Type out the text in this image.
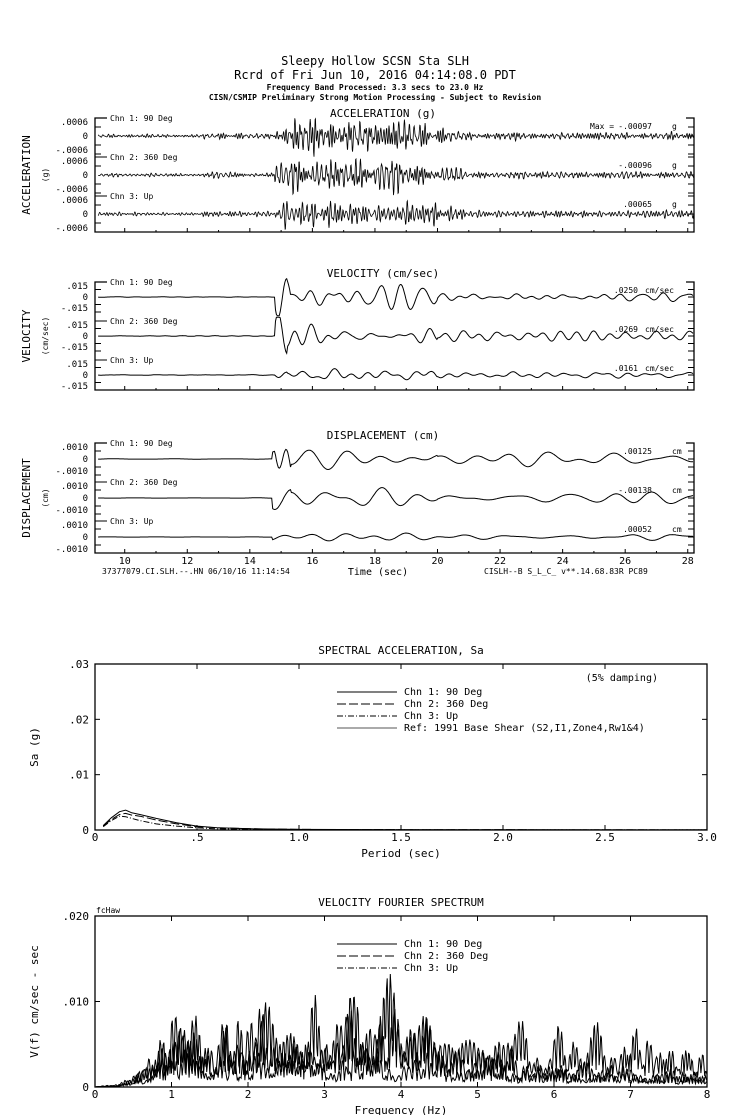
Sleepy Hollow SCSN Sta SLH
Rcrd of Fri Jun 10, 2016 04:14:08.0 PDT
Frequency Band Processed: 3.3 secs to 23.0 Hz
CISN/CSMIP Preliminary Strong Motion Processing - Subject to Revision
ACCELERATION (g)
ACCELERATION (g)
.0006
0
-.0006
Chn 1: 90 Deg
Max = -.00097	g
.0006
0
-.0006
Chn 2: 360 Deg
-.00096	g
.0006
0
-.0006
Chn 3: Up
.00065	g
VELOCITY (cm/sec)
VELOCITY (cm/sec)
.015
0
-.015
Chn 1: 90 Deg
.0250 cm/sec
.015
0
-.015
Chn 2: 360 Deg
.0269 cm/sec
.015
0
-.015
Chn 3: Up
.0161 cm/sec
DISPLACEMENT (cm)
DISPLACEMENT (cm)
10	12	14	16	18	20	22	24	26	28
.0010
0
-.0010
Chn 1: 90 Deg
.00125	cm
.0010
0
-.0010
Chn 2: 360 Deg
-.00138	cm
.0010
0
-.0010
Chn 3: Up
.00052	cm
Time (sec)
37377079.CI.SLH.--.HN 06/10/16 11:14:54	CISLH--B S_L_C_ v**.14.68.83R PC89
SPECTRAL ACCELERATION, Sa
Period (sec)
Sa (g)
0	.5	1.0	1.5	2.0	2.5	3.0
0
.01
.02
.03
Chn 1: 90 Deg
Chn 2: 360 Deg
Chn 3: Up
Ref: 1991 Base Shear (S2,I1,Zone4,Rw1&4)
(5% damping)
VELOCITY FOURIER SPECTRUM
Frequency (Hz)
V(f) cm/sec - sec
0	1	2	3	4	5	6	7	8
0
.010
.020
Chn 1: 90 Deg
Chn 2: 360 Deg
Chn 3: Up
fcHaw
